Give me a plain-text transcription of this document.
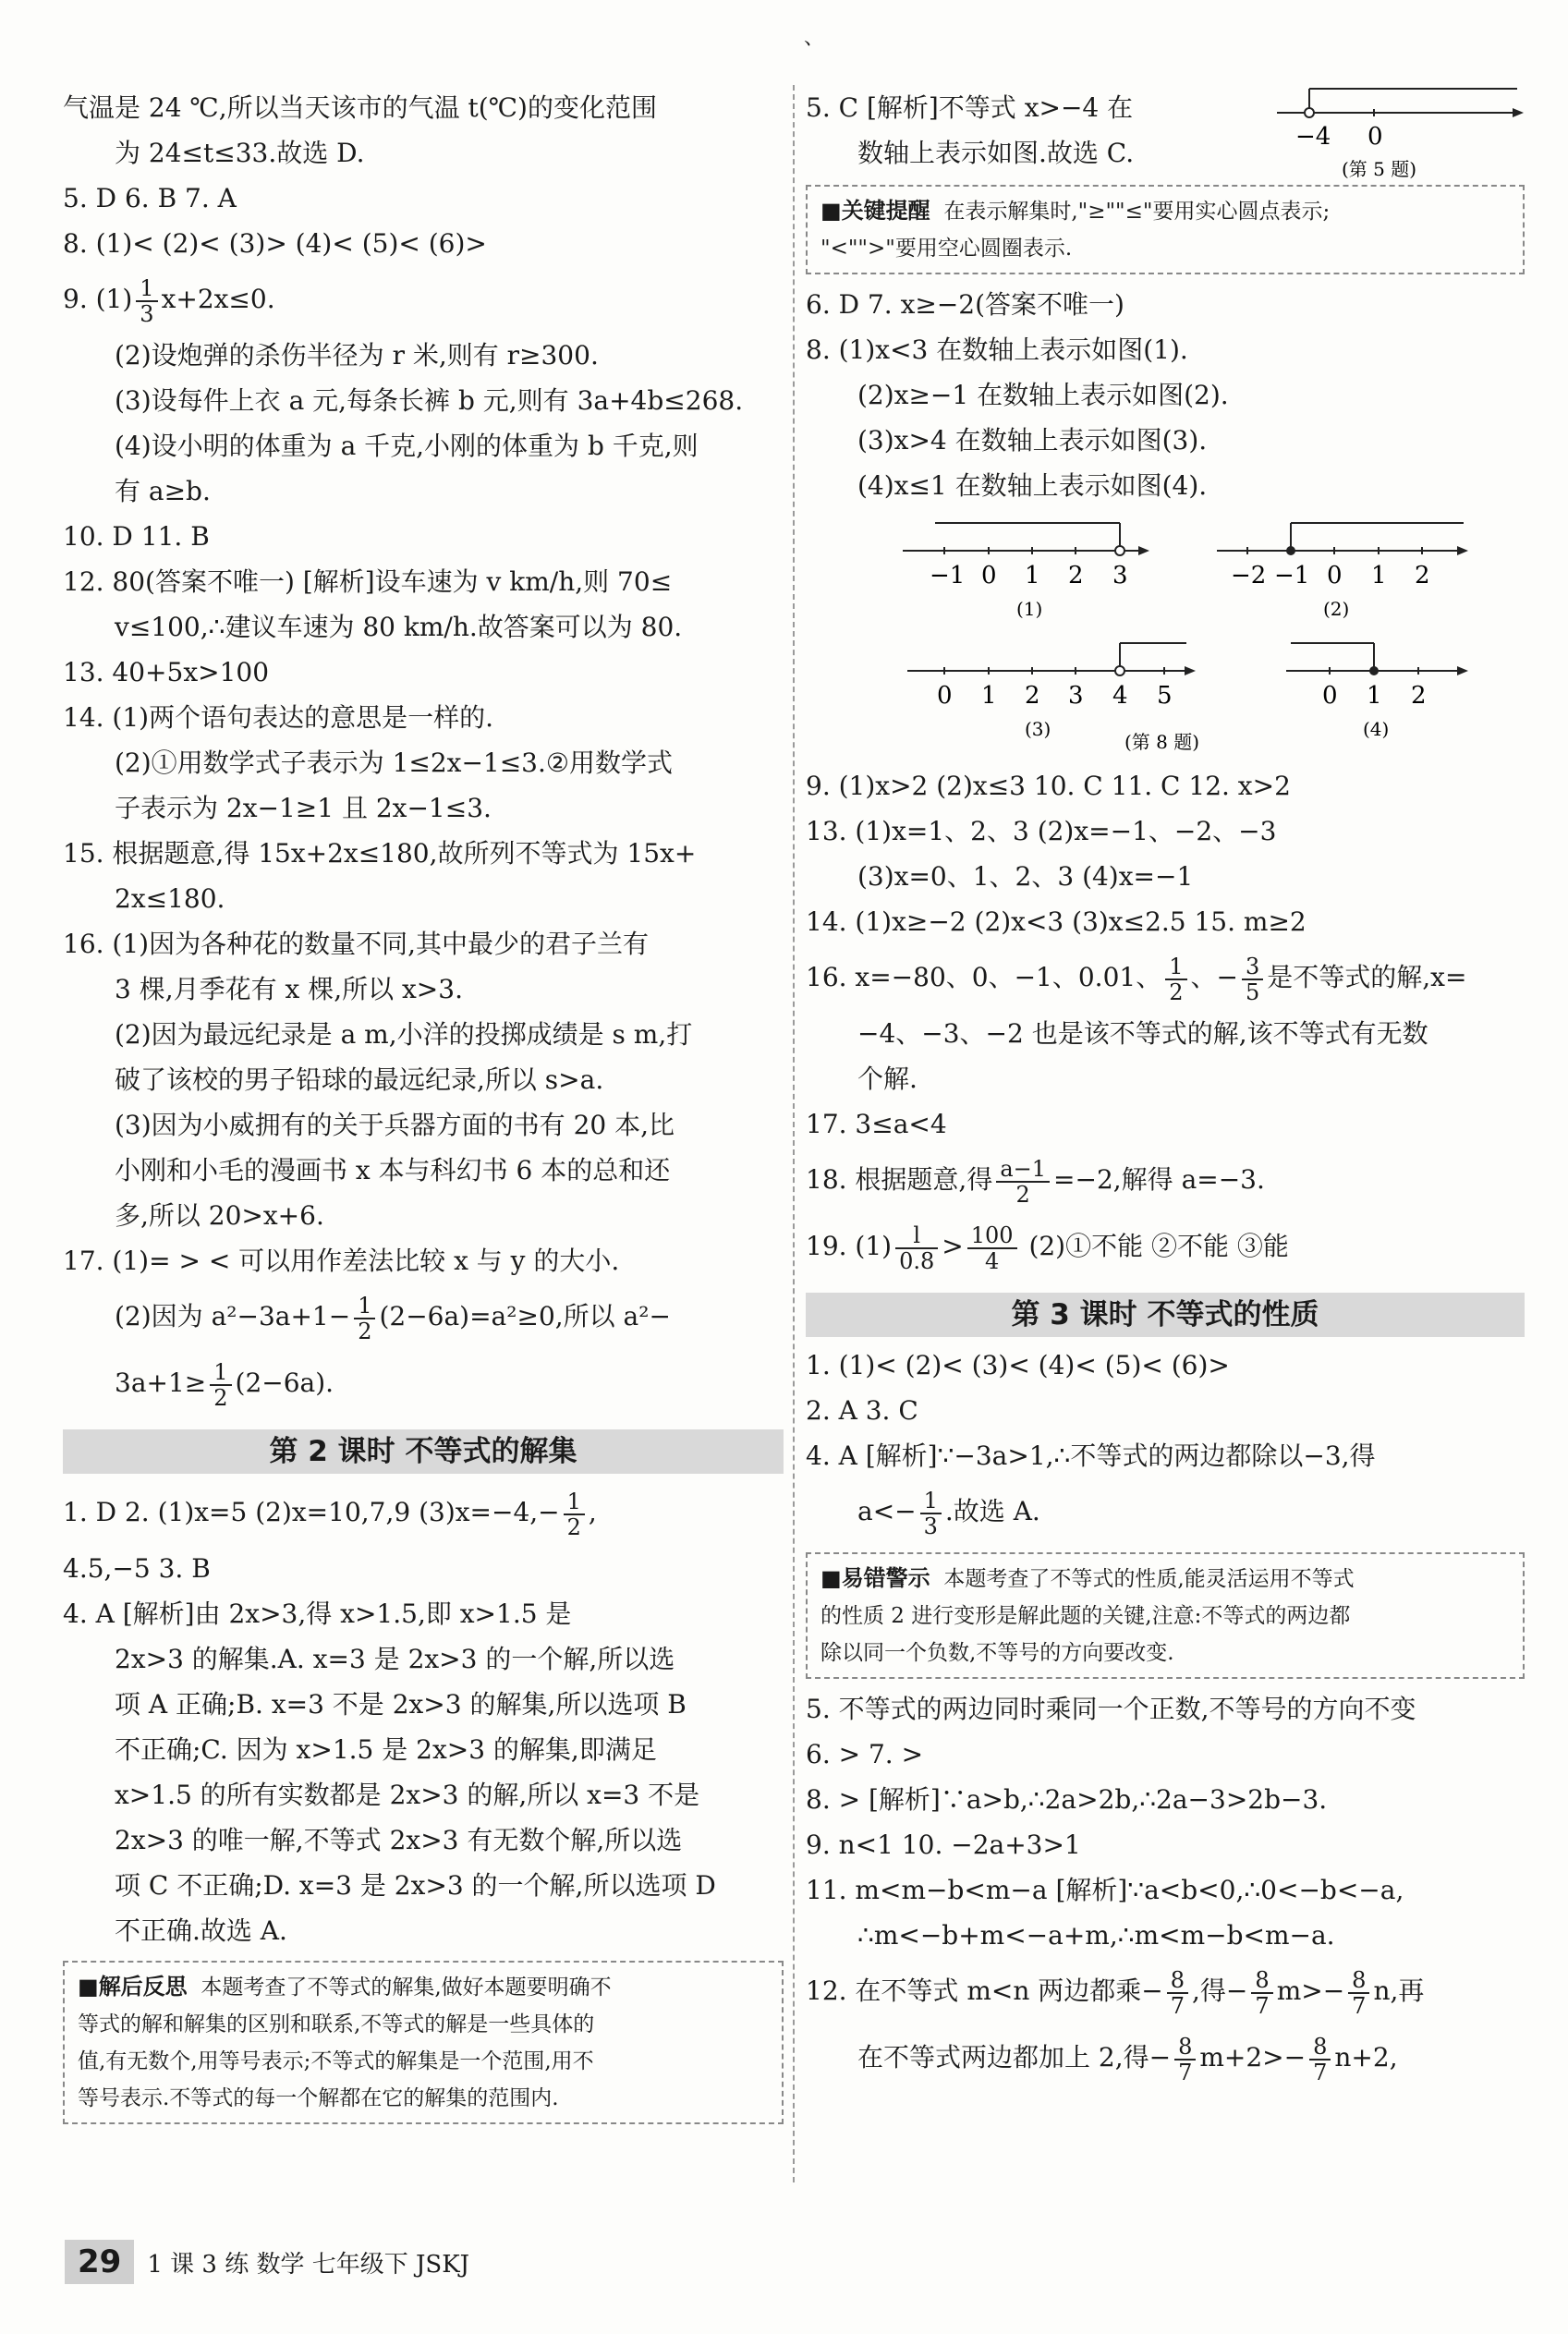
、
气温是 24 ℃,所以当天该市的气温 t(℃)的变化范围
为 24≤t≤33.故选 D.
5. D 6. B 7. A
8. (1)< (2)< (3)> (4)< (5)< (6)>
9. $(1) \frac{1}{3} x+2x\le 0$.
(2)设炮弹的杀伤半径为 r 米,则有 r≥300.
(3)设每件上衣 a 元,每条长裤 b 元,则有 3a+4b≤268.
(4)设小明的体重为 a 千克,小刚的体重为 b 千克,则
有 a≥b.
10. D 11. B
12. 80(答案不唯一) [解析]设车速为 v km/h,则 70≤
v≤100,∴建议车速为 80 km/h.故答案可以为 80.
13. 40+5x>100
14. (1)两个语句表达的意思是一样的.
(2)①用数学式子表示为 1≤2x−1≤3.②用数学式
子表示为 2x−1≥1 且 2x−1≤3.
15. 根据题意,得 15x+2x≤180,故所列不等式为 15x+
2x≤180.
16. (1)因为各种花的数量不同,其中最少的君子兰有
3 棵,月季花有 x 棵,所以 x>3.
(2)因为最远纪录是 a m,小洋的投掷成绩是 s m,打
破了该校的男子铅球的最远纪录,所以 s>a.
(3)因为小威拥有的关于兵器方面的书有 20 本,比
小刚和小毛的漫画书 x 本与科幻书 6 本的总和还
多,所以 20>x+6.
17. (1)= > < 可以用作差法比较 x 与 y 的大小.
(2)因为 $a^2-3a+1- \frac{1}{2} (2-6a)=a^2\ge 0$,所以 a²−
$3a+1\ge \frac{1}{2} (2-6a)$.
第 2 课时 不等式的解集
1. D 2. (1)x=5 (2)x=10,7,9 $(3)x=-4,- \frac{1}{2}$ ,
4.5,−5 3. B
4. A [解析]由 2x>3,得 x>1.5,即 x>1.5 是
2x>3 的解集.A. x=3 是 2x>3 的一个解,所以选
项 A 正确;B. x=3 不是 2x>3 的解集,所以选项 B
不正确;C. 因为 x>1.5 是 2x>3 的解集,即满足
x>1.5 的所有实数都是 2x>3 的解,所以 x=3 不是
2x>3 的唯一解,不等式 2x>3 有无数个解,所以选
项 C 不正确;D. x=3 是 2x>3 的一个解,所以选项 D
不正确.故选 A.
■解后反思 本题考查了不等式的解集,做好本题要明确不
等式的解和解集的区别和联系,不等式的解是一些具体的
值,有无数个,用等号表示;不等式的解集是一个范围,用不
等号表示.不等式的每一个解都在它的解集的范围内.
5. C [解析]不等式 x>−4 在
数轴上表示如图.故选 C.
−4 0
(第 5 题)
■关键提醒 在表示解集时,"≥""≤"要用实心圆点表示;
"<"">"要用空心圆圈表示.
6. D 7. x≥−2(答案不唯一)
8. (1)x<3 在数轴上表示如图(1).
(2)x≥−1 在数轴上表示如图(2).
(3)x>4 在数轴上表示如图(3).
(4)x≤1 在数轴上表示如图(4).
−1 0 1 2 3
(1)
−2 −1 0 1 2
(2)
0 1 2 3 4 5
(3)
0 1 2
(4)
(第 8 题)
9. (1)x>2 (2)x≤3 10. C 11. C 12. x>2
13. (1)x=1、2、3 (2)x=−1、−2、−3
(3)x=0、1、2、3 (4)x=−1
14. (1)x≥−2 (2)x<3 (3)x≤2.5 15. m≥2
16. x=−80、0、−1、0.01、 $\frac{1}{2}$ 、− $\frac{3}{5}$ 是不等式的解,x=
−4、−3、−2 也是该不等式的解,该不等式有无数
个解.
17. 3≤a<4
18. 根据题意,得 $\frac{a-1}{2} =-2$,解得 a=−3.
19. $(1) \frac{l}{0.8} > \frac{100}{4}$ (2)①不能 ②不能 ③能
第 3 课时 不等式的性质
1. (1)< (2)< (3)< (4)< (5)< (6)>
2. A 3. C
4. A [解析]∵−3a>1,∴不等式的两边都除以−3,得
$a<- \frac{1}{3}$ .故选 A.
■易错警示 本题考查了不等式的性质,能灵活运用不等式
的性质 2 进行变形是解此题的关键,注意:不等式的两边都
除以同一个负数,不等号的方向要改变.
5. 不等式的两边同时乘同一个正数,不等号的方向不变
6. > 7. >
8. > [解析]∵a>b,∴2a>2b,∴2a−3>2b−3.
9. n<1 10. −2a+3>1
11. m<m−b<m−a [解析]∵a<b<0,∴0<−b<−a,
∴m<−b+m<−a+m,∴m<m−b<m−a.
12. 在不等式 m<n 两边都乘− $\frac{8}{7}$ ,得− $\frac{8}{7} m>- \frac{8}{7} n$,再
在不等式两边都加上 2,得− $\frac{8}{7} m+2>- \frac{8}{7} n+2$,
29	1 课 3 练 数学 七年级下 JSKJ
